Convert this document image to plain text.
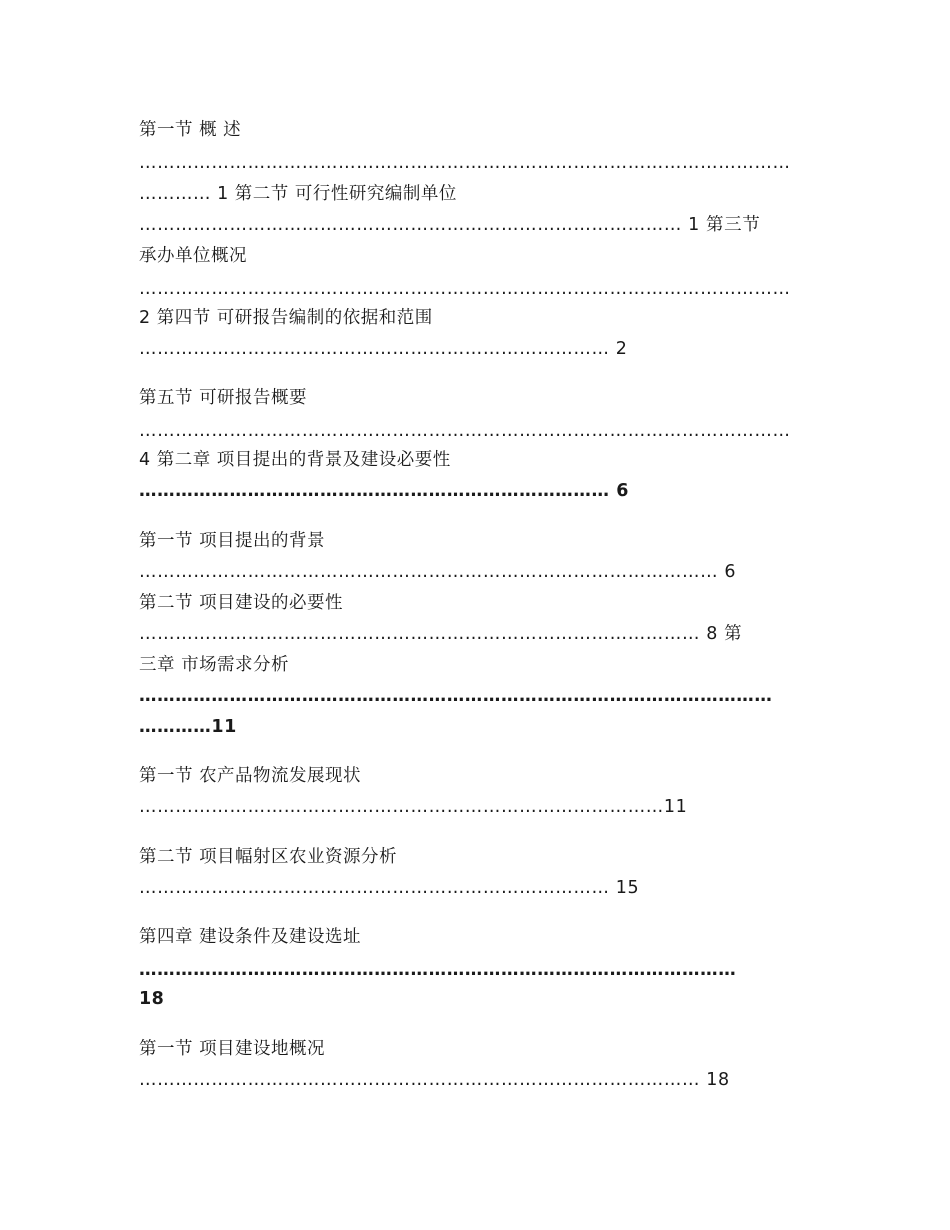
第一节 概 述

………………………………………………………………………………………………

………… 1 第二节 可行性研究编制单位

……………………………………………………………………………… 1 第三节

承办单位概况

………………………………………………………………………………………………

2 第四节 可研报告编制的依据和范围

…………………………………………………………………… 2

第五节 可研报告概要

………………………………………………………………………………………………

4 第二章 项目提出的背景及建设必要性

…………………………………………………………………… 6

第一节 项目提出的背景

…………………………………………………………………………………… 6

第二节 项目建设的必要性

………………………………………………………………………………… 8 第

三章 市场需求分析

……………………………………………………………………………………………

…………11

第一节 农产品物流发展现状

……………………………………………………………………………11

第二节 项目幅射区农业资源分析

…………………………………………………………………… 15

第四章 建设条件及建设选址

………………………………………………………………………………………

18

第一节 项目建设地概况

………………………………………………………………………………… 18
